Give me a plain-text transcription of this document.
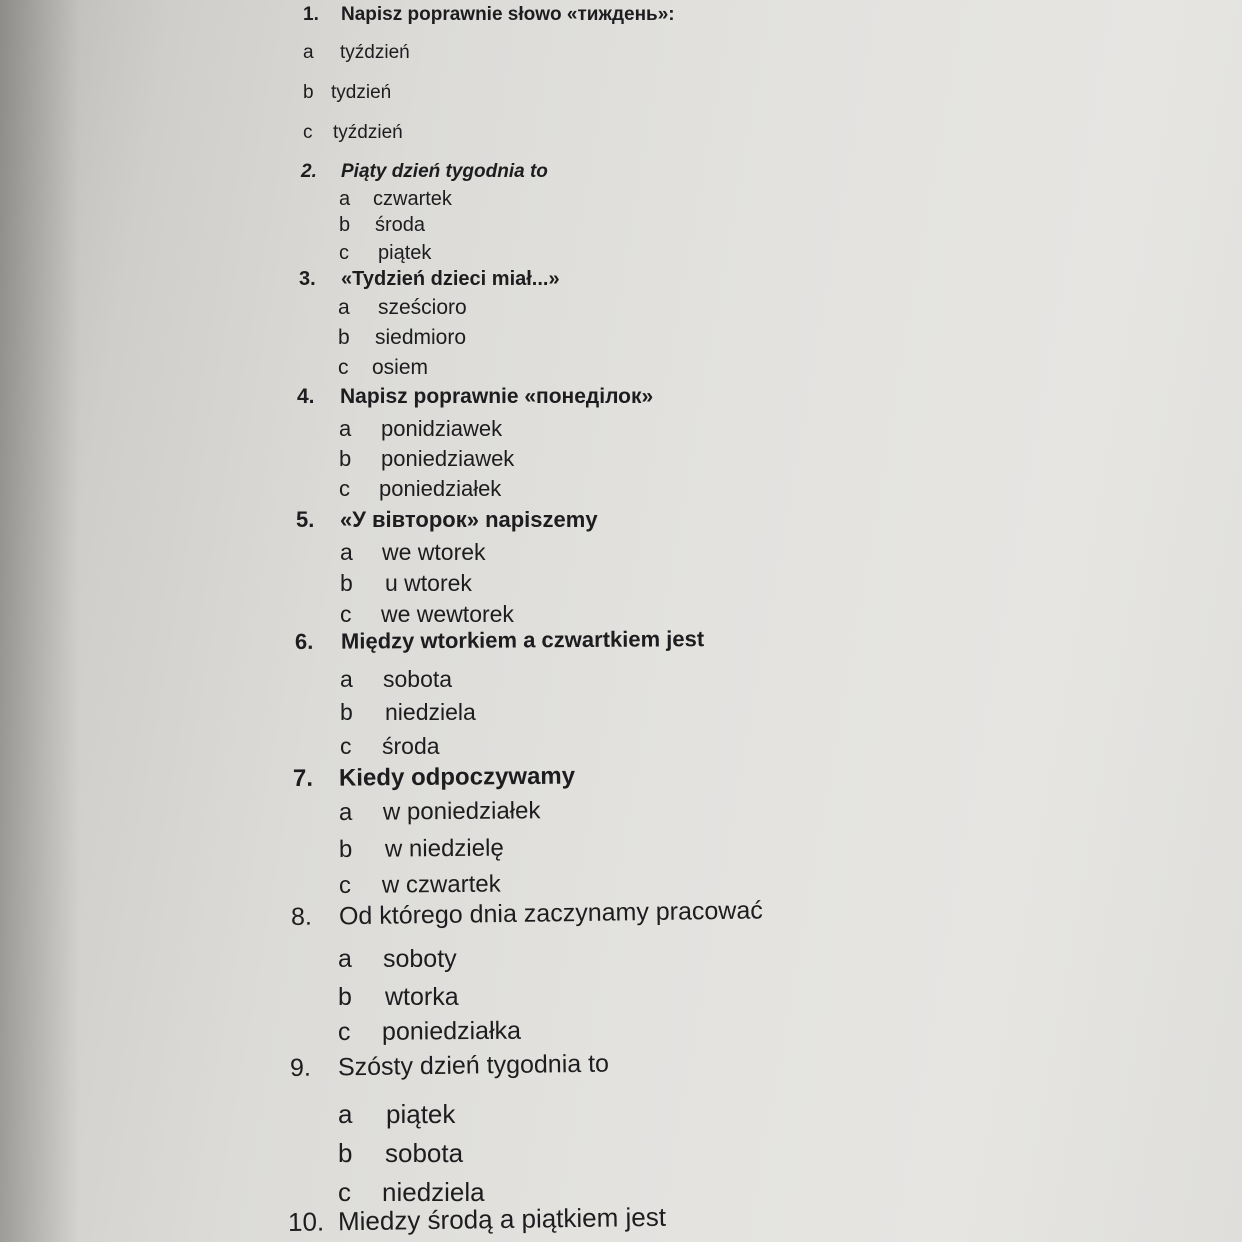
1. Napisz poprawnie słowo «тиждень»:
a tyździeń
b tydzień
c tyździeń
2. Piąty dzień tygodnia to
a czwartek
b środa
c piątek
3. «Tydzień dzieci miał...»
a sześcioro
b siedmioro
c osiem
4. Napisz poprawnie «понеділок»
a ponidziawek
b poniedziawek
c poniedziałek
5. «У вівторок» napiszemy
a we wtorek
b u wtorek
c we wewtorek
6. Między wtorkiem a czwartkiem jest
a sobota
b niedziela
c środa
7. Kiedy odpoczywamy
a w poniedziałek
b w niedzielę
c w czwartek
8. Od którego dnia zaczynamy pracować
a soboty
b wtorka
c poniedziałka
9. Szósty dzień tygodnia to
a piątek
b sobota
c niedziela
10. Miedzy środą a piątkiem jest
